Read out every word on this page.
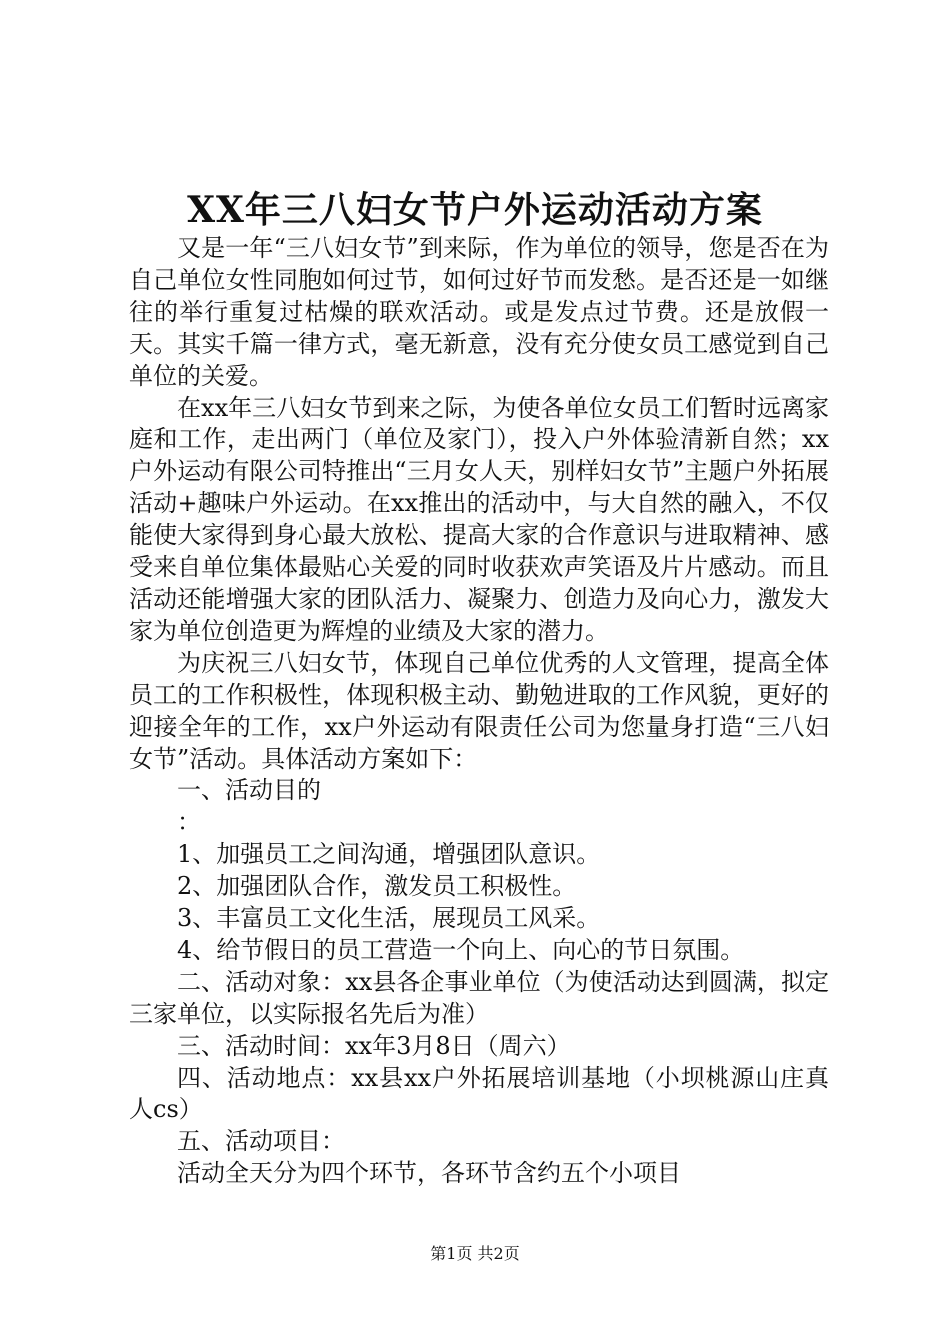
XX年三八妇女节户外运动活动方案

又是一年“三八妇女节”到来际，作为单位的领导，您是否在为自己单位女性同胞如何过节，如何过好节而发愁。是否还是一如继往的举行重复过枯燥的联欢活动。或是发点过节费。还是放假一天。其实千篇一律方式，毫无新意，没有充分使女员工感觉到自己单位的关爱。

在xx年三八妇女节到来之际，为使各单位女员工们暂时远离家庭和工作，走出两门（单位及家门），投入户外体验清新自然；xx户外运动有限公司特推出“三月女人天，别样妇女节”主题户外拓展活动+趣味户外运动。在xx推出的活动中，与大自然的融入，不仅能使大家得到身心最大放松、提高大家的合作意识与进取精神、感受来自单位集体最贴心关爱的同时收获欢声笑语及片片感动。而且活动还能增强大家的团队活力、凝聚力、创造力及向心力，激发大家为单位创造更为辉煌的业绩及大家的潜力。

为庆祝三八妇女节，体现自己单位优秀的人文管理，提高全体员工的工作积极性，体现积极主动、勤勉进取的工作风貌，更好的迎接全年的工作，xx户外运动有限责任公司为您量身打造“三八妇女节”活动。具体活动方案如下：

一、活动目的

：

1、加强员工之间沟通，增强团队意识。

2、加强团队合作，激发员工积极性。

3、丰富员工文化生活，展现员工风采。

4、给节假日的员工营造一个向上、向心的节日氛围。

二、活动对象：xx县各企事业单位（为使活动达到圆满，拟定三家单位，以实际报名先后为准）

三、活动时间：xx年3月8日（周六）

四、活动地点：xx县xx户外拓展培训基地（小坝桃源山庄真人cs）

五、活动项目：

活动全天分为四个环节，各环节含约五个小项目

第1页 共2页
